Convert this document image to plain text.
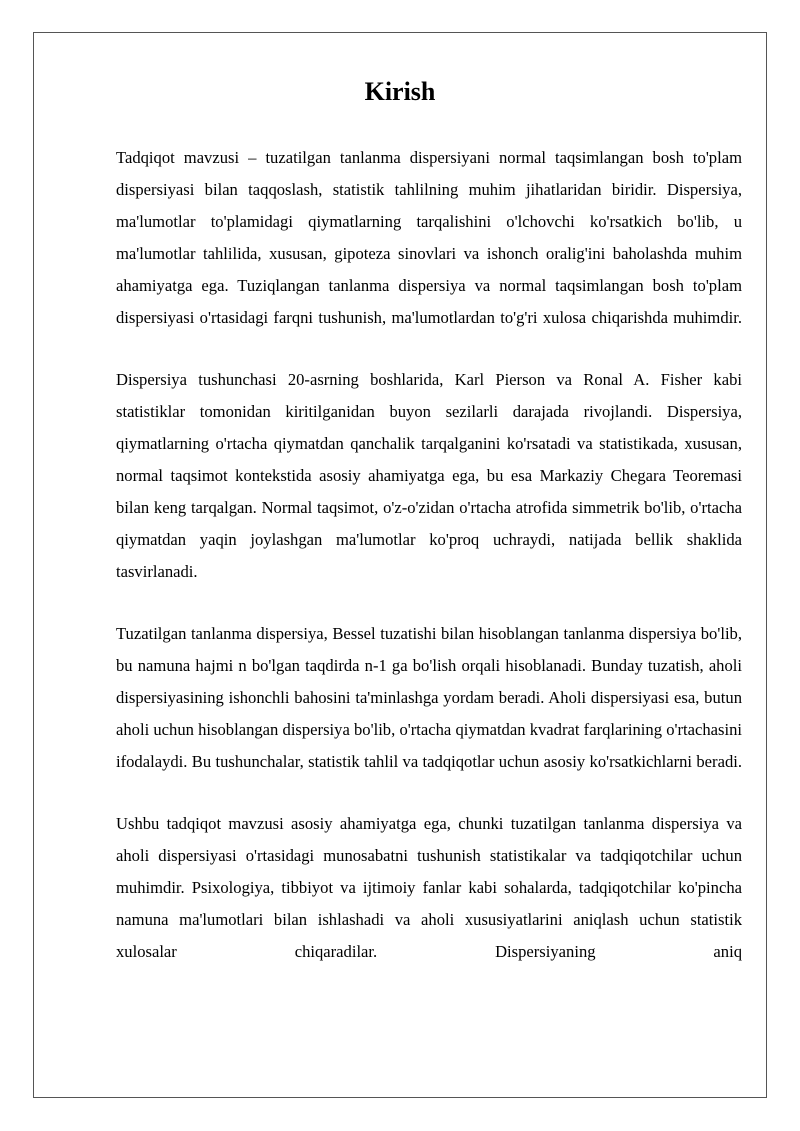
Kirish

Tadqiqot mavzusi – tuzatilgan tanlanma dispersiyani normal taqsimlangan bosh to'plam dispersiyasi bilan taqqoslash, statistik tahlilning muhim jihatlaridan biridir. Dispersiya, ma'lumotlar to'plamidagi qiymatlarning tarqalishini o'lchovchi ko'rsatkich bo'lib, u ma'lumotlar tahlilida, xususan, gipoteza sinovlari va ishonch oralig'ini baholashda muhim ahamiyatga ega. Tuziqlangan tanlanma dispersiya va normal taqsimlangan bosh to'plam dispersiyasi o'rtasidagi farqni tushunish, ma'lumotlardan to'g'ri xulosa chiqarishda muhimdir.

Dispersiya tushunchasi 20-asrning boshlarida, Karl Pierson va Ronal A. Fisher kabi statistiklar tomonidan kiritilganidan buyon sezilarli darajada rivojlandi. Dispersiya, qiymatlarning o'rtacha qiymatdan qanchalik tarqalganini ko'rsatadi va statistikada, xususan, normal taqsimot kontekstida asosiy ahamiyatga ega, bu esa Markaziy Chegara Teoremasi bilan keng tarqalgan. Normal taqsimot, o'z-o'zidan o'rtacha atrofida simmetrik bo'lib, o'rtacha qiymatdan yaqin joylashgan ma'lumotlar ko'proq uchraydi, natijada bellik shaklida tasvirlanadi.

Tuzatilgan tanlanma dispersiya, Bessel tuzatishi bilan hisoblangan tanlanma dispersiya bo'lib, bu namuna hajmi n bo'lgan taqdirda n-1 ga bo'lish orqali hisoblanadi. Bunday tuzatish, aholi dispersiyasining ishonchli bahosini ta'minlashga yordam beradi. Aholi dispersiyasi esa, butun aholi uchun hisoblangan dispersiya bo'lib, o'rtacha qiymatdan kvadrat farqlarining o'rtachasini ifodalaydi. Bu tushunchalar, statistik tahlil va tadqiqotlar uchun asosiy ko'rsatkichlarni beradi.

Ushbu tadqiqot mavzusi asosiy ahamiyatga ega, chunki tuzatilgan tanlanma dispersiya va aholi dispersiyasi o'rtasidagi munosabatni tushunish statistikalar va tadqiqotchilar uchun muhimdir. Psixologiya, tibbiyot va ijtimoiy fanlar kabi sohalarda, tadqiqotchilar ko'pincha namuna ma'lumotlari bilan ishlashadi va aholi xususiyatlarini aniqlash uchun statistik xulosalar chiqaradilar. Dispersiyaning aniq
